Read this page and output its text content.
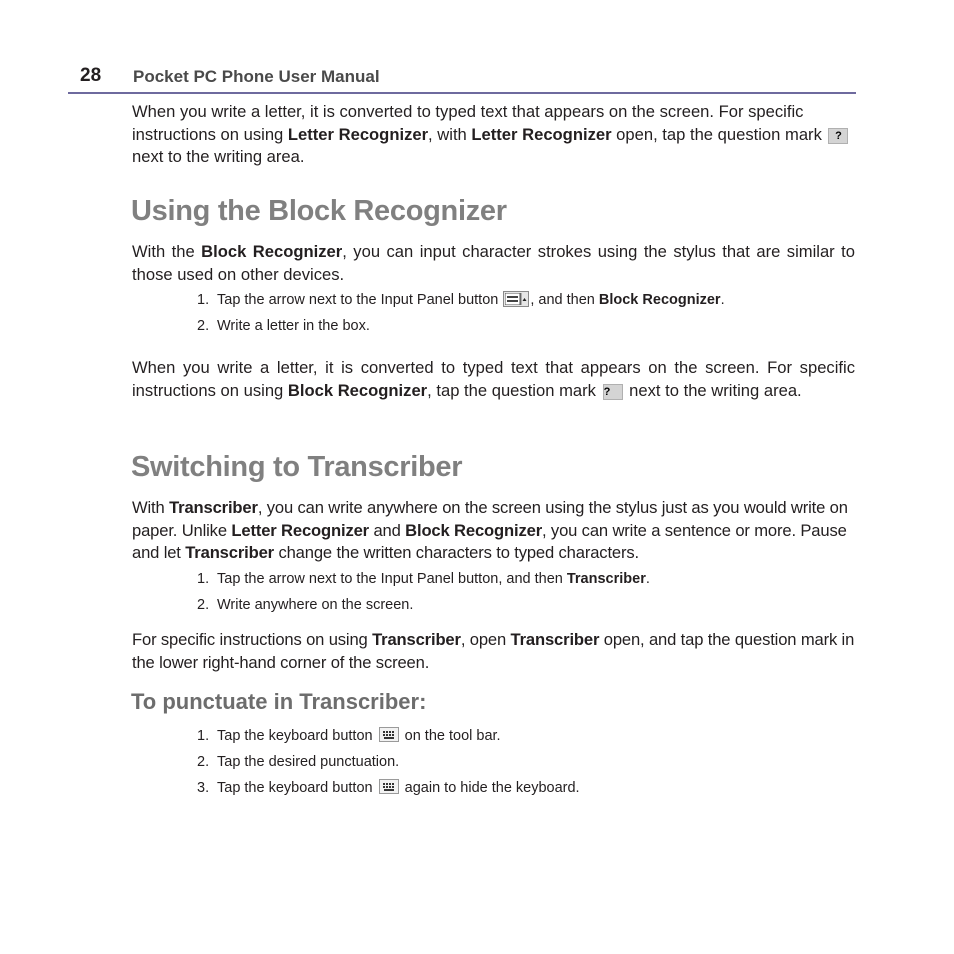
28 Pocket PC Phone User Manual

When you write a letter, it is converted to typed text that appears on the screen. For specific instructions on using Letter Recognizer, with Letter Recognizer open, tap the question mark ? next to the writing area.

Using the Block Recognizer

With the Block Recognizer, you can input character strokes using the stylus that are similar to those used on other devices.

1. Tap the arrow next to the Input Panel button
, and then Block Recognizer.
2. Write a letter in the box.

When you write a letter, it is converted to typed text that appears on the screen. For specific instructions on using Block Recognizer, tap the question mark ? next to the writing area.

Switching to Transcriber

With Transcriber, you can write anywhere on the screen using the stylus just as you would write on paper. Unlike Letter Recognizer and Block Recognizer, you can write a sentence or more. Pause and let Transcriber change the written characters to typed characters.

1. Tap the arrow next to the Input Panel button, and then Transcriber.
2. Write anywhere on the screen.

For specific instructions on using Transcriber, open Transcriber open, and tap the question mark in the lower right-hand corner of the screen.

To punctuate in Transcriber:
1. Tap the keyboard button
on the tool bar.
2. Tap the desired punctuation.
3. Tap the keyboard button
again to hide the keyboard.
